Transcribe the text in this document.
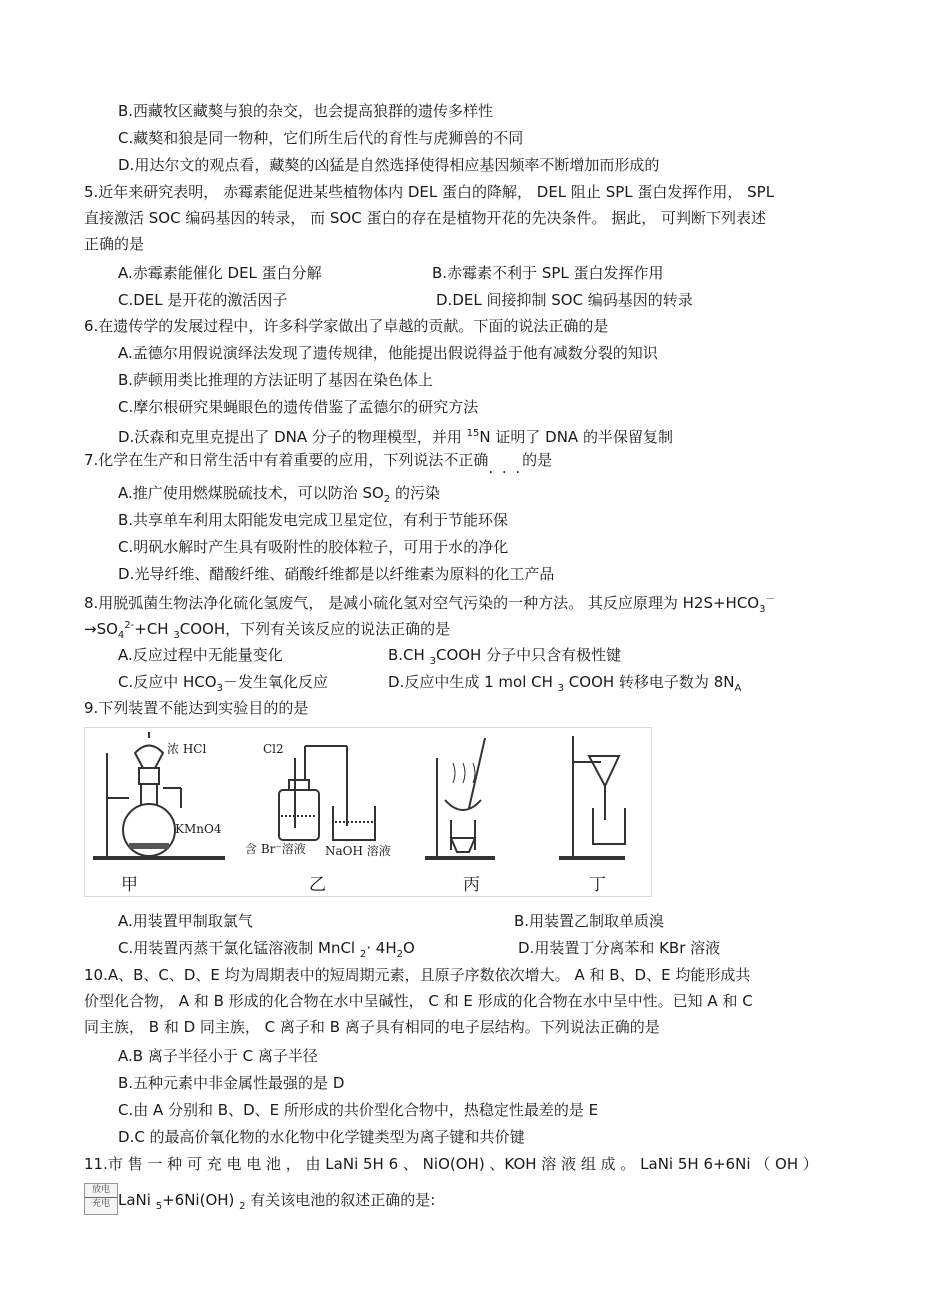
B.西藏牧区藏獒与狼的杂交，也会提高狼群的遗传多样性
C.藏獒和狼是同一物种，它们所生后代的育性与虎狮兽的不同
D.用达尔文的观点看，藏獒的凶猛是自然选择使得相应基因频率不断增加而形成的
5.近年来研究表明， 赤霉素能促进某些植物体内 DEL 蛋白的降解， DEL 阻止 SPL 蛋白发挥作用， SPL
直接激活 SOC 编码基因的转录， 而 SOC 蛋白的存在是植物开花的先决条件。 据此， 可判断下列表述
正确的是
A.赤霉素能催化 DEL 蛋白分解	B.赤霉素不利于 SPL 蛋白发挥作用
C.DEL 是开花的激活因子	D.DEL 间接抑制 SOC 编码基因的转录
6.在遗传学的发展过程中，许多科学家做出了卓越的贡献。下面的说法正确的是
A.孟德尔用假说演绎法发现了遗传规律，他能提出假说得益于他有减数分裂的知识
B.萨顿用类比推理的方法证明了基因在染色体上
C.摩尔根研究果蝇眼色的遗传借鉴了孟德尔的研究方法
D.沃森和克里克提出了 DNA 分子的物理模型，并用 $^{15}$N 证明了 DNA 的半保留复制
7.化学在生产和日常生活中有着重要的应用，下列说法不正确. . .的是
A.推广使用燃煤脱硫技术，可以防治 $SO_2$ 的污染
B.共享单车利用太阳能发电完成卫星定位，有利于节能环保
C.明矾水解时产生具有吸附性的胶体粒子，可用于水的净化
D.光导纤维、醋酸纤维、硝酸纤维都是以纤维素为原料的化工产品
8.用脱弧菌生物法净化硫化氢废气， 是减小硫化氢对空气污染的一种方法。 其反应原理为 $H2S+HCO_3^-$
$\to SO_4^{2-}+CH$ $_3$COOH，下列有关该反应的说法正确的是
A.反应过程中无能量变化	B.CH $_3$COOH 分子中只含有极性键
C.反应中 $HCO_3-$发生氧化反应	D.反应中生成 1 mol CH $_3$ COOH 转移电子数为 $8N_A$
9.下列装置不能达到实验目的的是
浓 HCl
KMnO4
Cl2
含 Br⁻溶液 NaOH 溶液
甲	乙	丙	丁
A.用装置甲制取氯气	B.用装置乙制取单质溴
C.用装置丙蒸干氯化锰溶液制 MnCl $_2\cdot 4H_2O$	D.用装置丁分离苯和 KBr 溶液
10.A、B、C、D、E 均为周期表中的短周期元素，且原子序数依次增大。 A 和 B、D、E 均能形成共
价型化合物， A 和 B 形成的化合物在水中呈碱性， C 和 E 形成的化合物在水中呈中性。已知 A 和 C
同主族， B 和 D 同主族， C 离子和 B 离子具有相同的电子层结构。下列说法正确的是
A.B 离子半径小于 C 离子半径
B.五种元素中非金属性最强的是 D
C.由 A 分别和 B、D、E 所形成的共价型化合物中，热稳定性最差的是 E
D.C 的最高价氧化物的水化物中化学键类型为离子键和共价键
11.市 售 一 种 可 充 电 电 池 ， 由 LaNi 5H 6 、 NiO(OH) 、KOH 溶 液 组 成 。 LaNi 5H 6+6Ni （ OH ）
放电
充电 LaNi $_5$+6Ni(OH) $_2$ 有关该电池的叙述正确的是:
